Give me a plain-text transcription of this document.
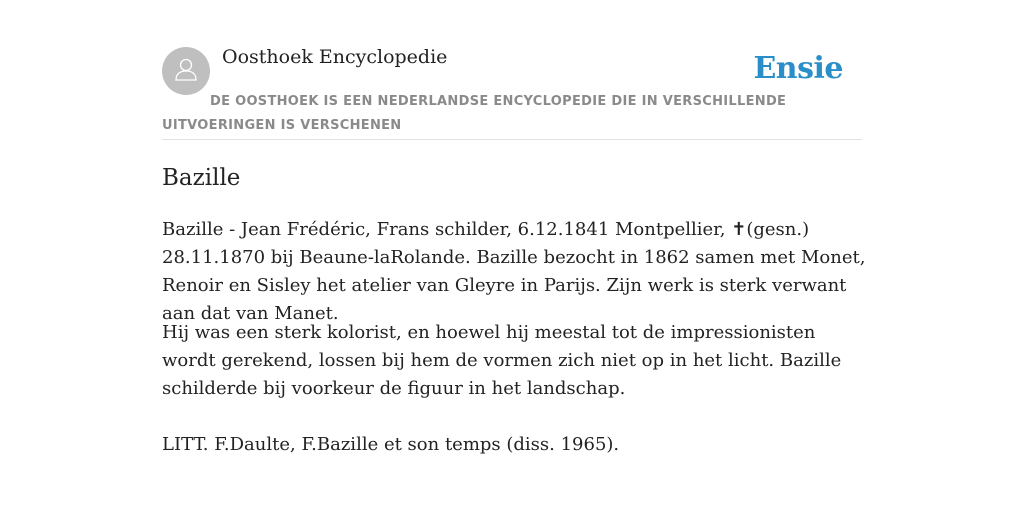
Oosthoek Encyclopedie	Ensie
DE OOSTHOEK IS EEN NEDERLANDSE ENCYCLOPEDIE DIE IN VERSCHILLENDE UITVOERINGEN IS VERSCHENEN
Bazille

Bazille - Jean Frédéric, Frans schilder, 6.12.1841 Montpellier, ✝(gesn.) 28.11.1870 bij Beaune-laRolande. Bazille bezocht in 1862 samen met Monet, Renoir en Sisley het atelier van Gleyre in Parijs. Zijn werk is sterk verwant aan dat van Manet.

Hij was een sterk kolorist, en hoewel hij meestal tot de impressionisten wordt gerekend, lossen bij hem de vormen zich niet op in het licht. Bazille schilderde bij voorkeur de figuur in het landschap.

LITT. F.Daulte, F.Bazille et son temps (diss. 1965).
